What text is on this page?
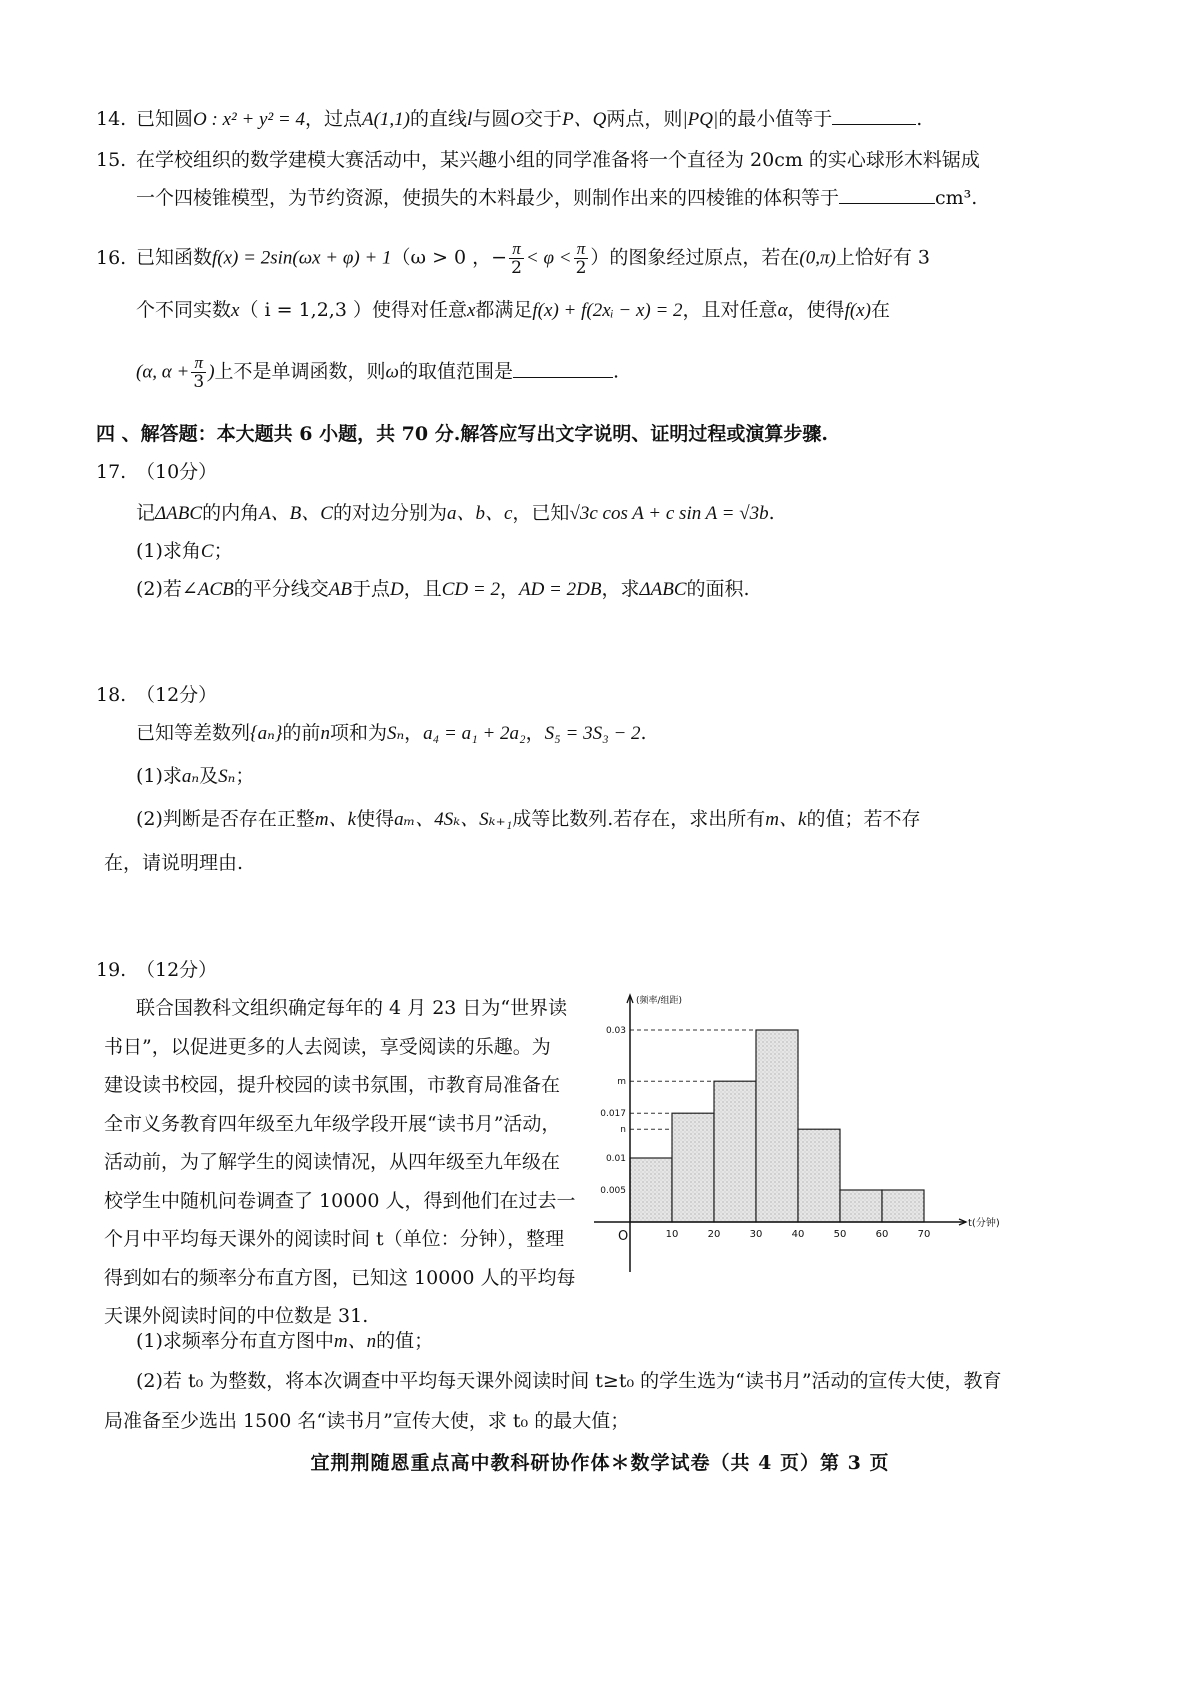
14. 已知圆O : x² + y² = 4，过点A(1,1)的直线l与圆O交于P、Q两点，则|PQ|的最小值等于	.
15. 在学校组织的数学建模大赛活动中，某兴趣小组的同学准备将一个直径为 20cm 的实心球形木料锯成
一个四棱锥模型，为节约资源，使损失的木料最少，则制作出来的四棱锥的体积等于	cm³.
16. 已知函数f(x) = 2sin(ωx + φ) + 1（ω > 0 ，− $\frac{\pi}{2} < \varphi < \frac{\pi}{2}$ ）的图象经过原点，若在(0,π)上恰好有 3
个不同实数x（ i = 1,2,3 ）使得对任意x都满足f(x) + f(2xᵢ − x) = 2，且对任意α，使得f(x)在
(α, $\alpha + \frac{\pi}{3}$ )上不是单调函数，则ω的取值范围是	.
四 、解答题：本大题共 6 小题，共 70 分.解答应写出文字说明、证明过程或演算步骤.
17. （10分）
记ΔABC的内角A、B、C的对边分别为a、b、c，已知√3c cos A + c sin A = √3b.
(1)求角C；
(2)若∠ACB的平分线交AB于点D，且CD = 2，AD = 2DB，求ΔABC的面积.
18. （12分）
已知等差数列{aₙ}的前n项和为Sₙ，a₄ = a₁ + 2a₂，S₅ = 3S₃ − 2.
(1)求aₙ及Sₙ；
(2)判断是否存在正整m、k使得aₘ、4Sₖ、Sₖ₊₁成等比数列.若存在，求出所有m、k的值；若不存
在，请说明理由.
19. （12分）
联合国教科文组织确定每年的 4 月 23 日为“世界读
书日”，以促进更多的人去阅读，享受阅读的乐趣。为
建设读书校园，提升校园的读书氛围，市教育局准备在
全市义务教育四年级至九年级学段开展“读书月”活动，
活动前，为了解学生的阅读情况，从四年级至九年级在
校学生中随机问卷调查了 10000 人，得到他们在过去一
个月中平均每天课外的阅读时间 t（单位：分钟），整理
得到如右的频率分布直方图，已知这 10000 人的平均每
天课外阅读时间的中位数是 31.
0.005
0.01
n
0.017
m
0.03
10	20	30	40	50	60	70
O
(频率/组距)
t(分钟)
(1)求频率分布直方图中m、n的值；
(2)若 t₀ 为整数，将本次调查中平均每天课外阅读时间 t≥t₀ 的学生选为“读书月”活动的宣传大使，教育
局准备至少选出 1500 名“读书月”宣传大使，求 t₀ 的最大值；
宜荆荆随恩重点高中教科研协作体＊数学试卷（共 4 页）第 3 页
